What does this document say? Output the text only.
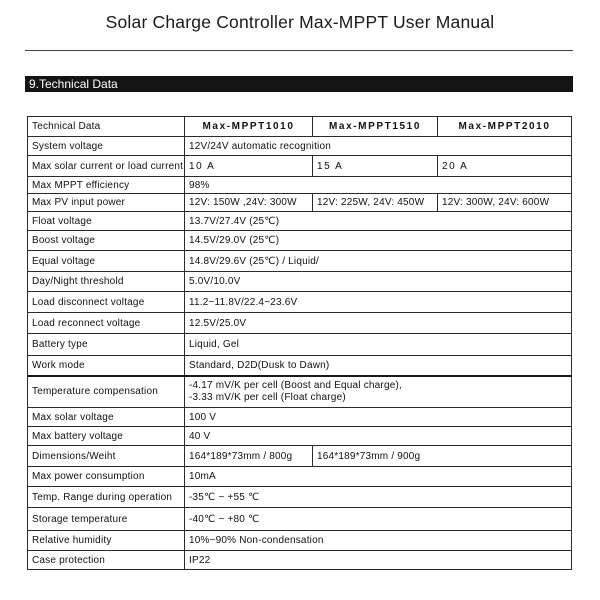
Solar Charge Controller Max-MPPT User Manual
9.Technical Data
Technical Data	Max-MPPT1010	Max-MPPT1510	Max-MPPT2010
System voltage	12V/24V automatic recognition		
Max solar current or load current	10 A	15 A	20 A
Max MPPT efficiency	98%		
Max PV input power	12V: 150W ,24V: 300W	12V: 225W, 24V: 450W	12V: 300W, 24V: 600W
Float voltage	13.7V/27.4V (25℃)		
Boost voltage	14.5V/29.0V (25℃)		
Equal voltage	14.8V/29.6V (25℃) / Liquid/		
Day/Night threshold	5.0V/10.0V		
Load disconnect voltage	11.2~11.8V/22.4~23.6V		
Load reconnect voltage	12.5V/25.0V		
Battery type	Liquid, Gel		
Work mode	Standard, D2D(Dusk to Dawn)		
Temperature compensation	-4.17 mV/K per cell (Boost and Equal charge),
-3.33 mV/K per cell (Float charge)		

Max solar voltage	100 V		
Max battery voltage	40 V		
Dimensions/Weiht	164*189*73mm / 800g	164*189*73mm / 900g	
Max power consumption	10mA		
Temp. Range during operation	-35℃ ~ +55 ℃		
Storage temperature	-40℃ ~ +80 ℃		
Relative humidity	10%~90% Non-condensation		
Case protection	IP22		
